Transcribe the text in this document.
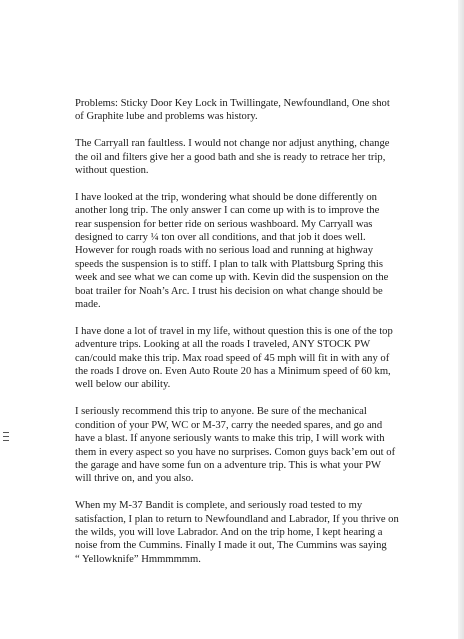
Problems: Sticky Door Key Lock in Twillingate, Newfoundland, One shot
of Graphite lube and problems was history.

The Carryall ran faultless. I would not change nor adjust anything, change
the oil and filters give her a good bath and she is ready to retrace her trip,
without question.

I have looked at the trip, wondering what should be done differently on
another long trip. The only answer I can come up with is to improve the
rear suspension for better ride on serious washboard. My Carryall was
designed to carry ¼ ton over all conditions, and that job it does well.
However for rough roads with no serious load and running at highway
speeds the suspension is to stiff. I plan to talk with Plattsburg Spring this
week and see what we can come up with. Kevin did the suspension on the
boat trailer for Noah’s Arc. I trust his decision on what change should be
made.

I have done a lot of travel in my life, without question this is one of the top
adventure trips. Looking at all the roads I traveled, ANY STOCK PW
can/could make this trip. Max road speed of 45 mph will fit in with any of
the roads I drove on. Even Auto Route 20 has a Minimum speed of 60 km,
well below our ability.

I seriously recommend this trip to anyone. Be sure of the mechanical
condition of your PW, WC or M-37, carry the needed spares, and go and
have a blast. If anyone seriously wants to make this trip, I will work with
them in every aspect so you have no surprises. Comon guys back’em out of
the garage and have some fun on a adventure trip. This is what your PW
will thrive on, and you also.

When my M-37 Bandit is complete, and seriously road tested to my
satisfaction, I plan to return to Newfoundland and Labrador, If you thrive on
the wilds, you will love Labrador. And on the trip home, I kept hearing a
noise from the Cummins. Finally I made it out, The Cummins was saying
“ Yellowknife” Hmmmmmm.
